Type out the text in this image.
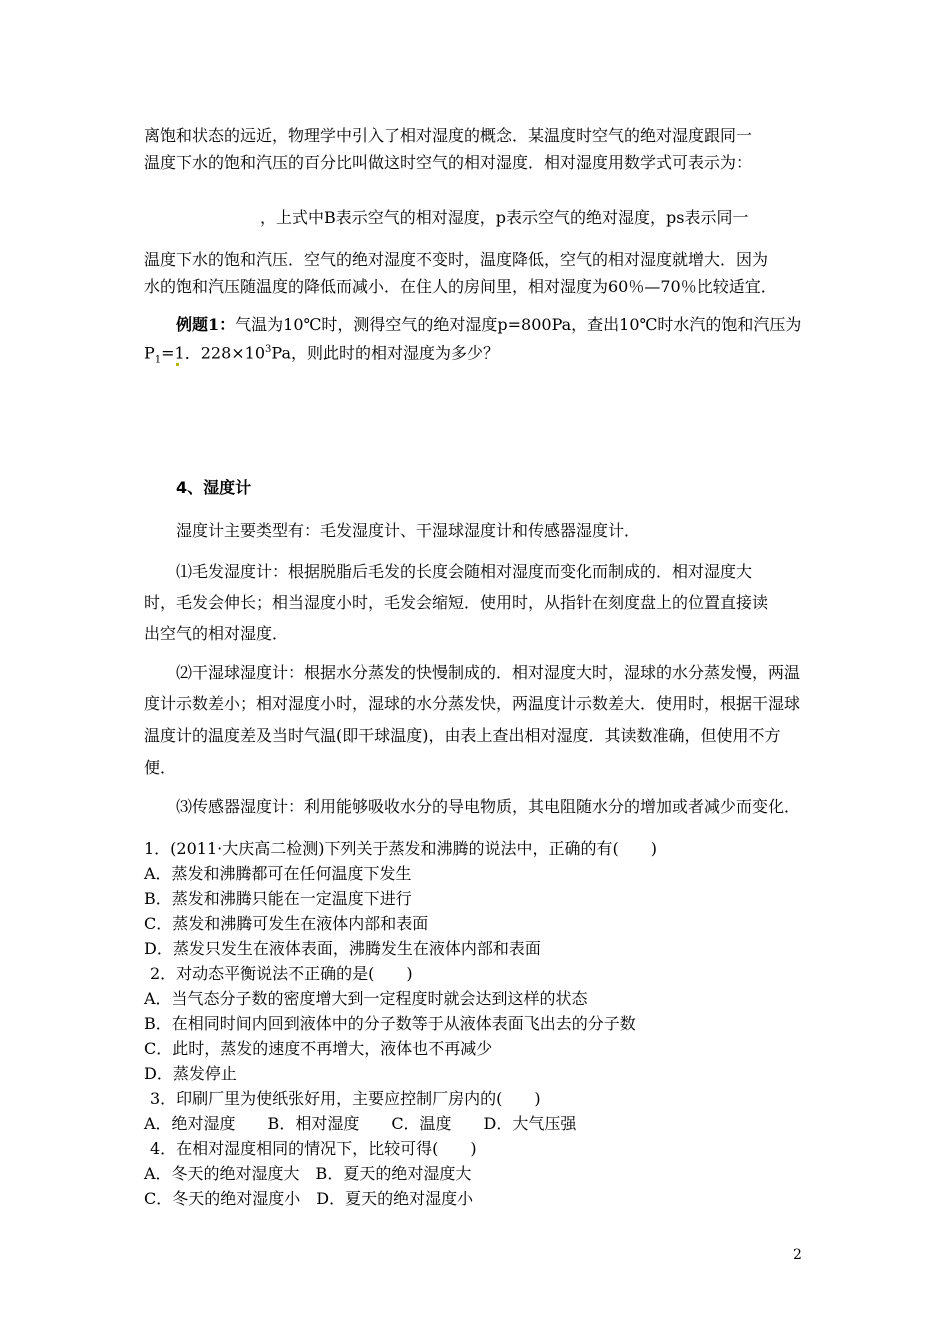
离饱和状态的远近，物理学中引入了相对湿度的概念．某温度时空气的绝对湿度跟同一
温度下水的饱和汽压的百分比叫做这时空气的相对湿度．相对湿度用数学式可表示为：
，上式中B表示空气的相对湿度，p表示空气的绝对湿度，ps表示同一
温度下水的饱和汽压．空气的绝对湿度不变时，温度降低，空气的相对湿度就增大．因为
水的饱和汽压随温度的降低而减小．在住人的房间里，相对湿度为60％—70％比较适宜．
例题1：气温为10℃时，测得空气的绝对湿度p=800Pa，查出10℃时水汽的饱和汽压为
$P_1=1$．$228\times 10^3Pa$，则此时的相对湿度为多少？
4、湿度计
湿度计主要类型有：毛发湿度计、干湿球湿度计和传感器湿度计．
⑴毛发湿度计：根据脱脂后毛发的长度会随相对湿度而变化而制成的．相对湿度大
时，毛发会伸长；相当湿度小时，毛发会缩短．使用时，从指针在刻度盘上的位置直接读
出空气的相对湿度．
⑵干湿球湿度计：根据水分蒸发的快慢制成的．相对湿度大时，湿球的水分蒸发慢，两温
度计示数差小；相对湿度小时，湿球的水分蒸发快，两温度计示数差大．使用时，根据干湿球
温度计的温度差及当时气温(即干球温度)，由表上查出相对湿度．其读数准确，但使用不方
便．
⑶传感器湿度计：利用能够吸收水分的导电物质，其电阻随水分的增加或者减少而变化．
1．(2011·大庆高二检测)下列关于蒸发和沸腾的说法中，正确的有(　　)
A．蒸发和沸腾都可在任何温度下发生
B．蒸发和沸腾只能在一定温度下进行
C．蒸发和沸腾可发生在液体内部和表面
D．蒸发只发生在液体表面，沸腾发生在液体内部和表面
2．对动态平衡说法不正确的是(　　)
A．当气态分子数的密度增大到一定程度时就会达到这样的状态
B．在相同时间内回到液体中的分子数等于从液体表面飞出去的分子数
C．此时，蒸发的速度不再增大，液体也不再减少
D．蒸发停止
3．印刷厂里为使纸张好用，主要应控制厂房内的(　　)
A．绝对湿度　　B．相对湿度　　C．温度　　D．大气压强
4．在相对湿度相同的情况下，比较可得(　　)
A．冬天的绝对湿度大　B．夏天的绝对湿度大
C．冬天的绝对湿度小　D．夏天的绝对湿度小
2
